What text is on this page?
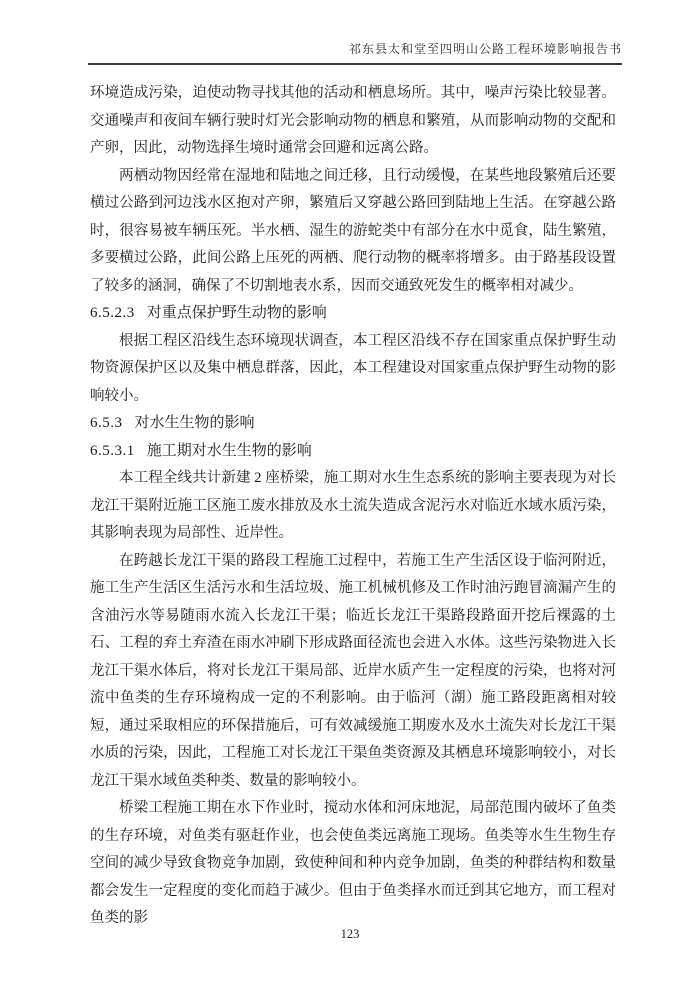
祁东县太和堂至四明山公路工程环境影响报告书

环境造成污染，迫使动物寻找其他的活动和栖息场所。其中，噪声污染比较显著。交通噪声和夜间车辆行驶时灯光会影响动物的栖息和繁殖，从而影响动物的交配和产卵，因此，动物选择生境时通常会回避和远离公路。

两栖动物因经常在湿地和陆地之间迁移，且行动缓慢，在某些地段繁殖后还要横过公路到河边浅水区抱对产卵，繁殖后又穿越公路回到陆地上生活。在穿越公路时，很容易被车辆压死。半水栖、湿生的游蛇类中有部分在水中觅食，陆生繁殖，多要横过公路，此间公路上压死的两栖、爬行动物的概率将增多。由于路基段设置了较多的涵洞，确保了不切割地表水系，因而交通致死发生的概率相对减少。

6.5.2.3 对重点保护野生动物的影响

根据工程区沿线生态环境现状调查，本工程区沿线不存在国家重点保护野生动物资源保护区以及集中栖息群落，因此，本工程建设对国家重点保护野生动物的影响较小。

6.5.3 对水生生物的影响
6.5.3.1 施工期对水生生物的影响

本工程全线共计新建 2 座桥梁，施工期对水生生态系统的影响主要表现为对长龙江干渠附近施工区施工废水排放及水土流失造成含泥污水对临近水域水质污染，其影响表现为局部性、近岸性。

在跨越长龙江干渠的路段工程施工过程中，若施工生产生活区设于临河附近，施工生产生活区生活污水和生活垃圾、施工机械机修及工作时油污跑冒滴漏产生的含油污水等易随雨水流入长龙江干渠；临近长龙江干渠路段路面开挖后裸露的土石、工程的弃土弃渣在雨水冲刷下形成路面径流也会进入水体。这些污染物进入长龙江干渠水体后，将对长龙江干渠局部、近岸水质产生一定程度的污染，也将对河流中鱼类的生存环境构成一定的不利影响。由于临河（湖）施工路段距离相对较短，通过采取相应的环保措施后，可有效减缓施工期废水及水土流失对长龙江干渠水质的污染，因此，工程施工对长龙江干渠鱼类资源及其栖息环境影响较小，对长龙江干渠水域鱼类种类、数量的影响较小。

桥梁工程施工期在水下作业时，搅动水体和河床地泥，局部范围内破坏了鱼类的生存环境，对鱼类有驱赶作业，也会使鱼类远离施工现场。鱼类等水生生物生存空间的减少导致食物竞争加剧，致使种间和种内竞争加剧，鱼类的种群结构和数量都会发生一定程度的变化而趋于减少。但由于鱼类择水而迁到其它地方，而工程对鱼类的影

123
